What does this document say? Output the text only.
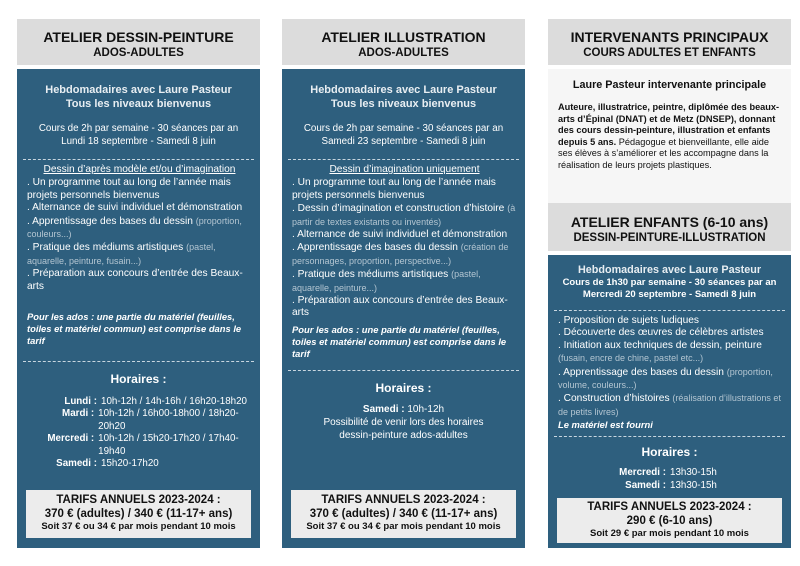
ATELIER DESSIN-PEINTURE
ADOS-ADULTES
Hebdomadaires avec Laure Pasteur
Tous les niveaux bienvenus
Cours de 2h par semaine - 30 séances par an
Lundi 18 septembre - Samedi 8 juin
Dessin d’après modèle et/ou d’imagination
. Un programme tout au long de l’année mais projets personnels bienvenus
. Alternance de suivi individuel et démonstration
. Apprentissage des bases du dessin (proportion, couleurs...)
. Pratique des médiums artistiques (pastel, aquarelle, peinture, fusain...)
. Préparation aux concours d’entrée des Beaux-arts
Pour les ados : une partie du matériel (feuilles, toiles et matériel commun) est comprise dans le tarif
Horaires :
Lundi : 10h-12h / 14h-16h / 16h20-18h20
Mardi : 10h-12h / 16h00-18h00 / 18h20-20h20
Mercredi : 10h-12h / 15h20-17h20 / 17h40-19h40
Samedi : 15h20-17h20
TARIFS ANNUELS 2023-2024 :
370 € (adultes) / 340 € (11-17+ ans)
Soit 37 € ou 34 € par mois pendant 10 mois
ATELIER ILLUSTRATION
ADOS-ADULTES
Hebdomadaires avec Laure Pasteur
Tous les niveaux bienvenus
Cours de 2h par semaine - 30 séances par an
Samedi 23 septembre - Samedi 8 juin
Dessin d’imagination uniquement
. Un programme tout au long de l’année mais projets personnels bienvenus
. Dessin d’imagination et construction d’histoire (à partir de textes existants ou inventés)
. Alternance de suivi individuel et démonstration
. Apprentissage des bases du dessin (création de personnages, proportion, perspective...)
. Pratique des médiums artistiques (pastel, aquarelle, peinture...)
. Préparation aux concours d’entrée des Beaux-arts
Pour les ados : une partie du matériel (feuilles, toiles et matériel commun) est comprise dans le tarif
Horaires :
Samedi : 10h-12h
Possibilité de venir lors des horaires
dessin-peinture ados-adultes
TARIFS ANNUELS 2023-2024 :
370 € (adultes) / 340 € (11-17+ ans)
Soit 37 € ou 34 € par mois pendant 10 mois
INTERVENANTS PRINCIPAUX
COURS ADULTES ET ENFANTS
Laure Pasteur intervenante principale
Auteure, illustratrice, peintre, diplômée des beaux-arts d’Épinal (DNAT) et de Metz (DNSEP), donnant des cours dessin-peinture, illustration et enfants depuis 5 ans. Pédagogue et bienveillante, elle aide ses élèves à s’améliorer et les accompagne dans la réalisation de leurs projets plastiques.
ATELIER ENFANTS (6-10 ans)
DESSIN-PEINTURE-ILLUSTRATION
Hebdomadaires avec Laure Pasteur
Cours de 1h30 par semaine - 30 séances par an
Mercredi 20 septembre - Samedi 8 juin
. Proposition de sujets ludiques
. Découverte des œuvres de célèbres artistes
. Initiation aux techniques de dessin, peinture (fusain, encre de chine, pastel etc...)
. Apprentissage des bases du dessin (proportion, volume, couleurs...)
. Construction d’histoires (réalisation d’illustrations et de petits livres)
Le matériel est fourni
Horaires :
Mercredi : 13h30-15h
Samedi : 13h30-15h
TARIFS ANNUELS 2023-2024 :
290 € (6-10 ans)
Soit 29 € par mois pendant 10 mois
